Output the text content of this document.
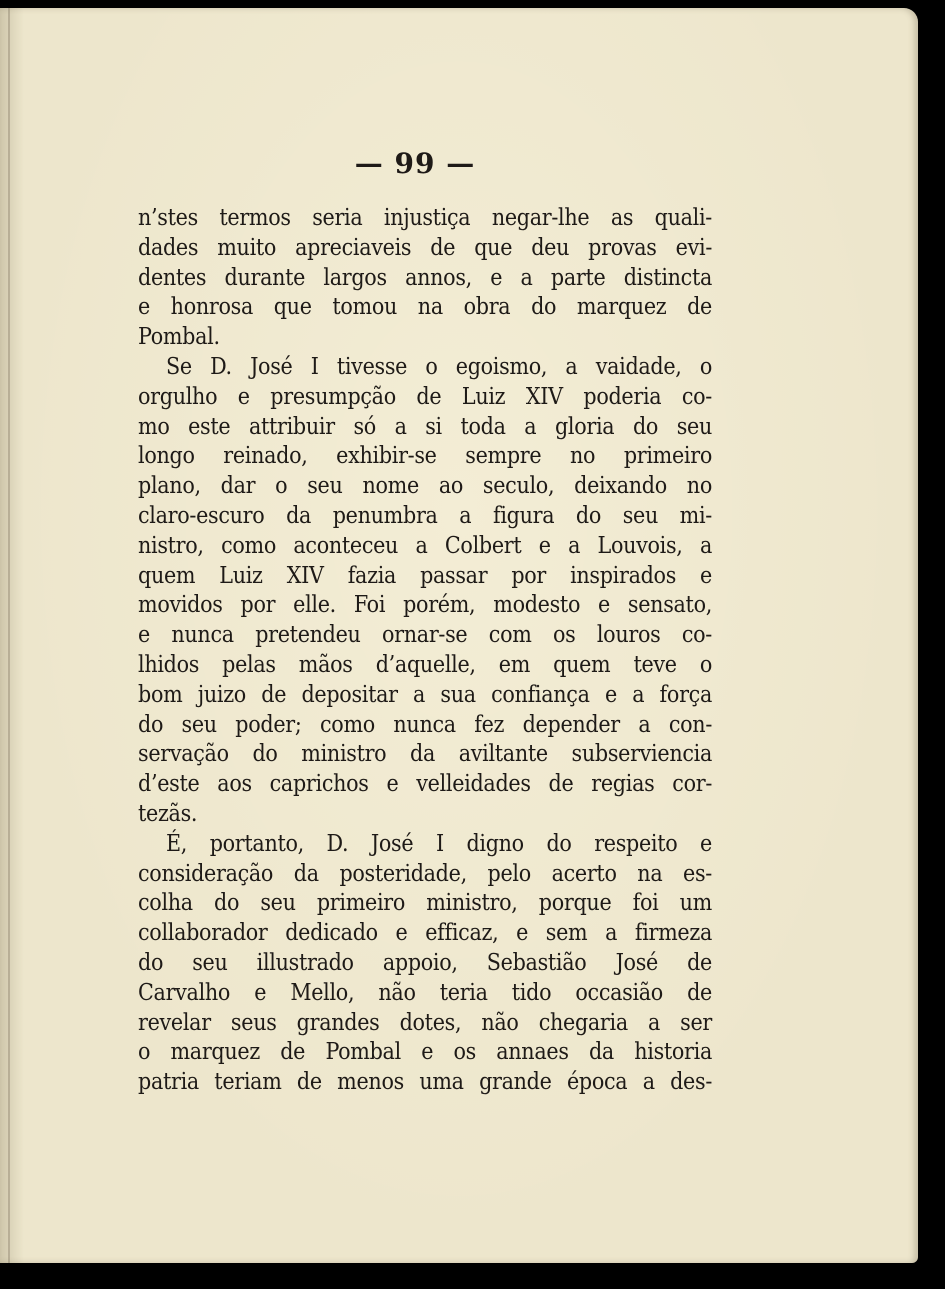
— 99 —
n’stes termos seria injustiça negar-lhe as quali-
dades muito apreciaveis de que deu provas evi-
dentes durante largos annos, e a parte distincta
e honrosa que tomou na obra do marquez de
Pombal.
Se D. José I tivesse o egoismo, a vaidade, o
orgulho e presumpção de Luiz XIV poderia co-
mo este attribuir só a si toda a gloria do seu
longo reinado, exhibir-se sempre no primeiro
plano, dar o seu nome ao seculo, deixando no
claro-escuro da penumbra a figura do seu mi-
nistro, como aconteceu a Colbert e a Louvois, a
quem Luiz XIV fazia passar por inspirados e
movidos por elle. Foi porém, modesto e sensato,
e nunca pretendeu ornar-se com os louros co-
lhidos pelas mãos d’aquelle, em quem teve o
bom juizo de depositar a sua confiança e a força
do seu poder; como nunca fez depender a con-
servação do ministro da aviltante subserviencia
d’este aos caprichos e velleidades de regias cor-
tezãs.
É, portanto, D. José I digno do respeito e
consideração da posteridade, pelo acerto na es-
colha do seu primeiro ministro, porque foi um
collaborador dedicado e efficaz, e sem a firmeza
do seu illustrado appoio, Sebastião José de
Carvalho e Mello, não teria tido occasião de
revelar seus grandes dotes, não chegaria a ser
o marquez de Pombal e os annaes da historia
patria teriam de menos uma grande época a des-
